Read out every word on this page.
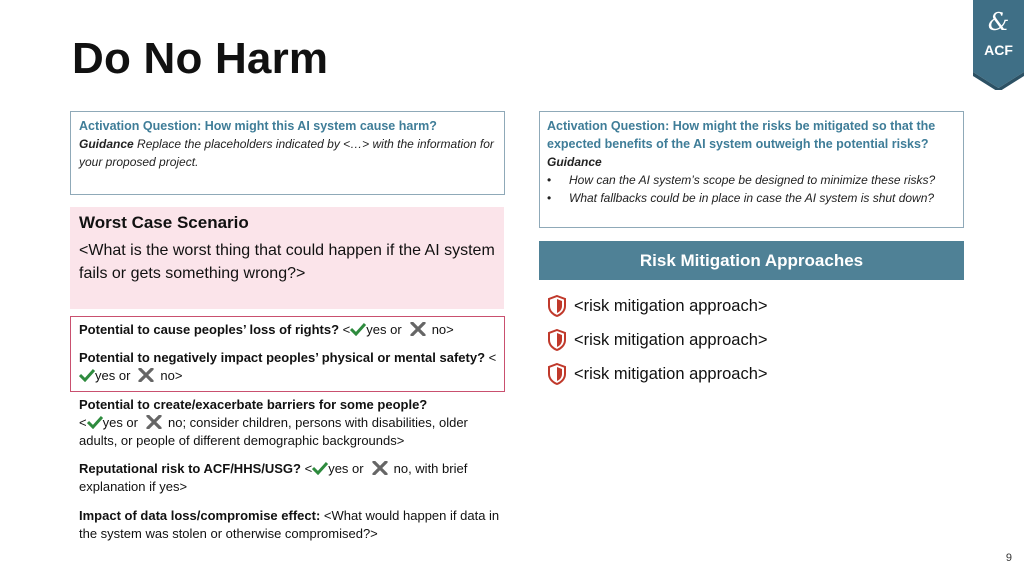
Do No Harm
&
ACF
Activation Question: How might this AI system cause harm?
Guidance Replace the placeholders indicated by <…> with the information for your proposed project.
Worst Case Scenario

<What is the worst thing that could happen if the AI system fails or gets something wrong?>

Potential to cause peoples’ loss of rights? < yes or no>
Potential to negatively impact peoples’ physical or mental safety? <yes or no>
Potential to create/exacerbate barriers for some people?
< yes or no; consider children, persons with disabilities, older adults, or people of different demographic backgrounds>
Reputational risk to ACF/HHS/USG? < yes or no, with brief explanation if yes>
Impact of data loss/compromise effect: <What would happen if data in the system was stolen or otherwise compromised?>
Activation Question: How might the risks be mitigated so that the expected benefits of the AI system outweigh the potential risks?
Guidance
• How can the AI system’s scope be designed to minimize these risks?
• What fallbacks could be in place in case the AI system is shut down?
Risk Mitigation Approaches
<risk mitigation approach>
<risk mitigation approach>
<risk mitigation approach>
9
